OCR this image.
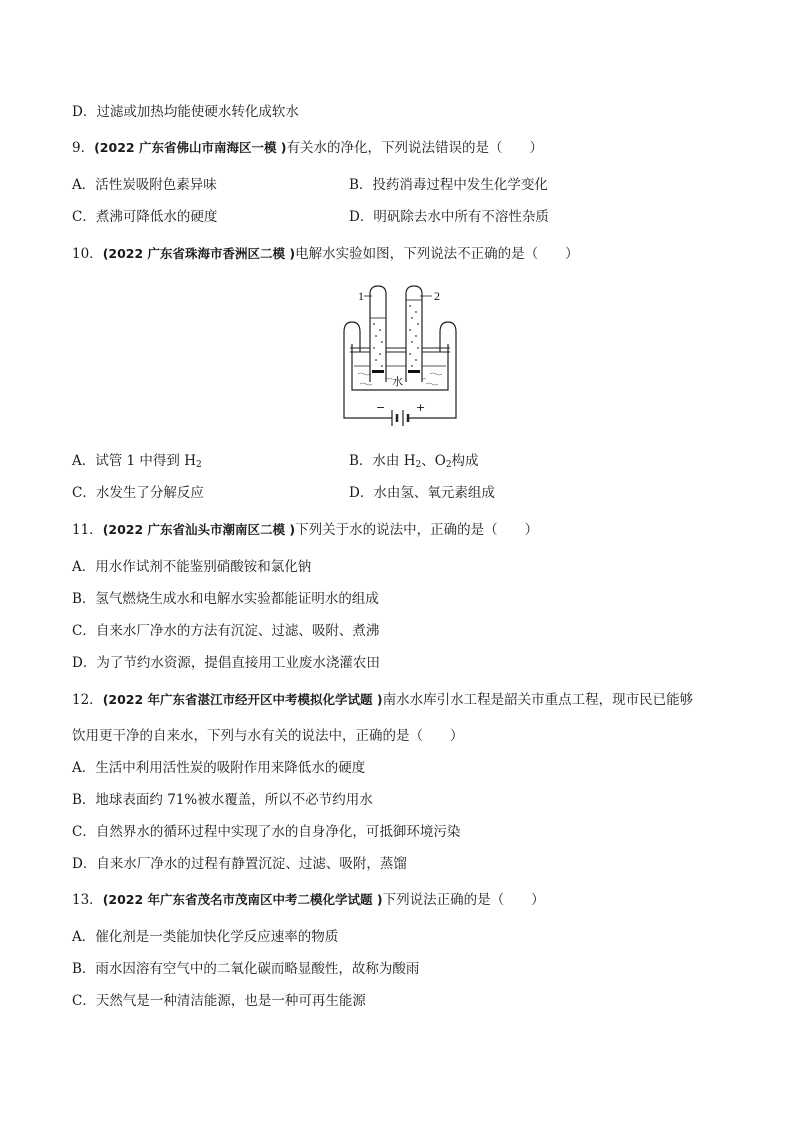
D．过滤或加热均能使硬水转化成软水
9．(2022 广东省佛山市南海区一模 )有关水的净化，下列说法错误的是（　　）
A．活性炭吸附色素异味	B．投药消毒过程中发生化学变化
C．煮沸可降低水的硬度	D．明矾除去水中所有不溶性杂质
10．(2022 广东省珠海市香洲区二模 )电解水实验如图，下列说法不正确的是（　　）
1	2
水
−	+
A．试管 1 中得到 $H_2$	B．水由 $H_2$、$O_2$构成
C．水发生了分解反应	D．水由氢、氧元素组成
11．(2022 广东省汕头市潮南区二模 )下列关于水的说法中，正确的是（　　）
A．用水作试剂不能鉴别硝酸铵和氯化钠
B．氢气燃烧生成水和电解水实验都能证明水的组成
C．自来水厂净水的方法有沉淀、过滤、吸附、煮沸
D．为了节约水资源，提倡直接用工业废水浇灌农田
12．(2022 年广东省湛江市经开区中考模拟化学试题 )南水水库引水工程是韶关市重点工程，现市民已能够
饮用更干净的自来水，下列与水有关的说法中，正确的是（　　）
A．生活中利用活性炭的吸附作用来降低水的硬度
B．地球表面约 71%被水覆盖，所以不必节约用水
C．自然界水的循环过程中实现了水的自身净化，可抵御环境污染
D．自来水厂净水的过程有静置沉淀、过滤、吸附，蒸馏
13．(2022 年广东省茂名市茂南区中考二模化学试题 )下列说法正确的是（　　）
A．催化剂是一类能加快化学反应速率的物质
B．雨水因溶有空气中的二氧化碳而略显酸性，故称为酸雨
C．天然气是一种清洁能源，也是一种可再生能源
